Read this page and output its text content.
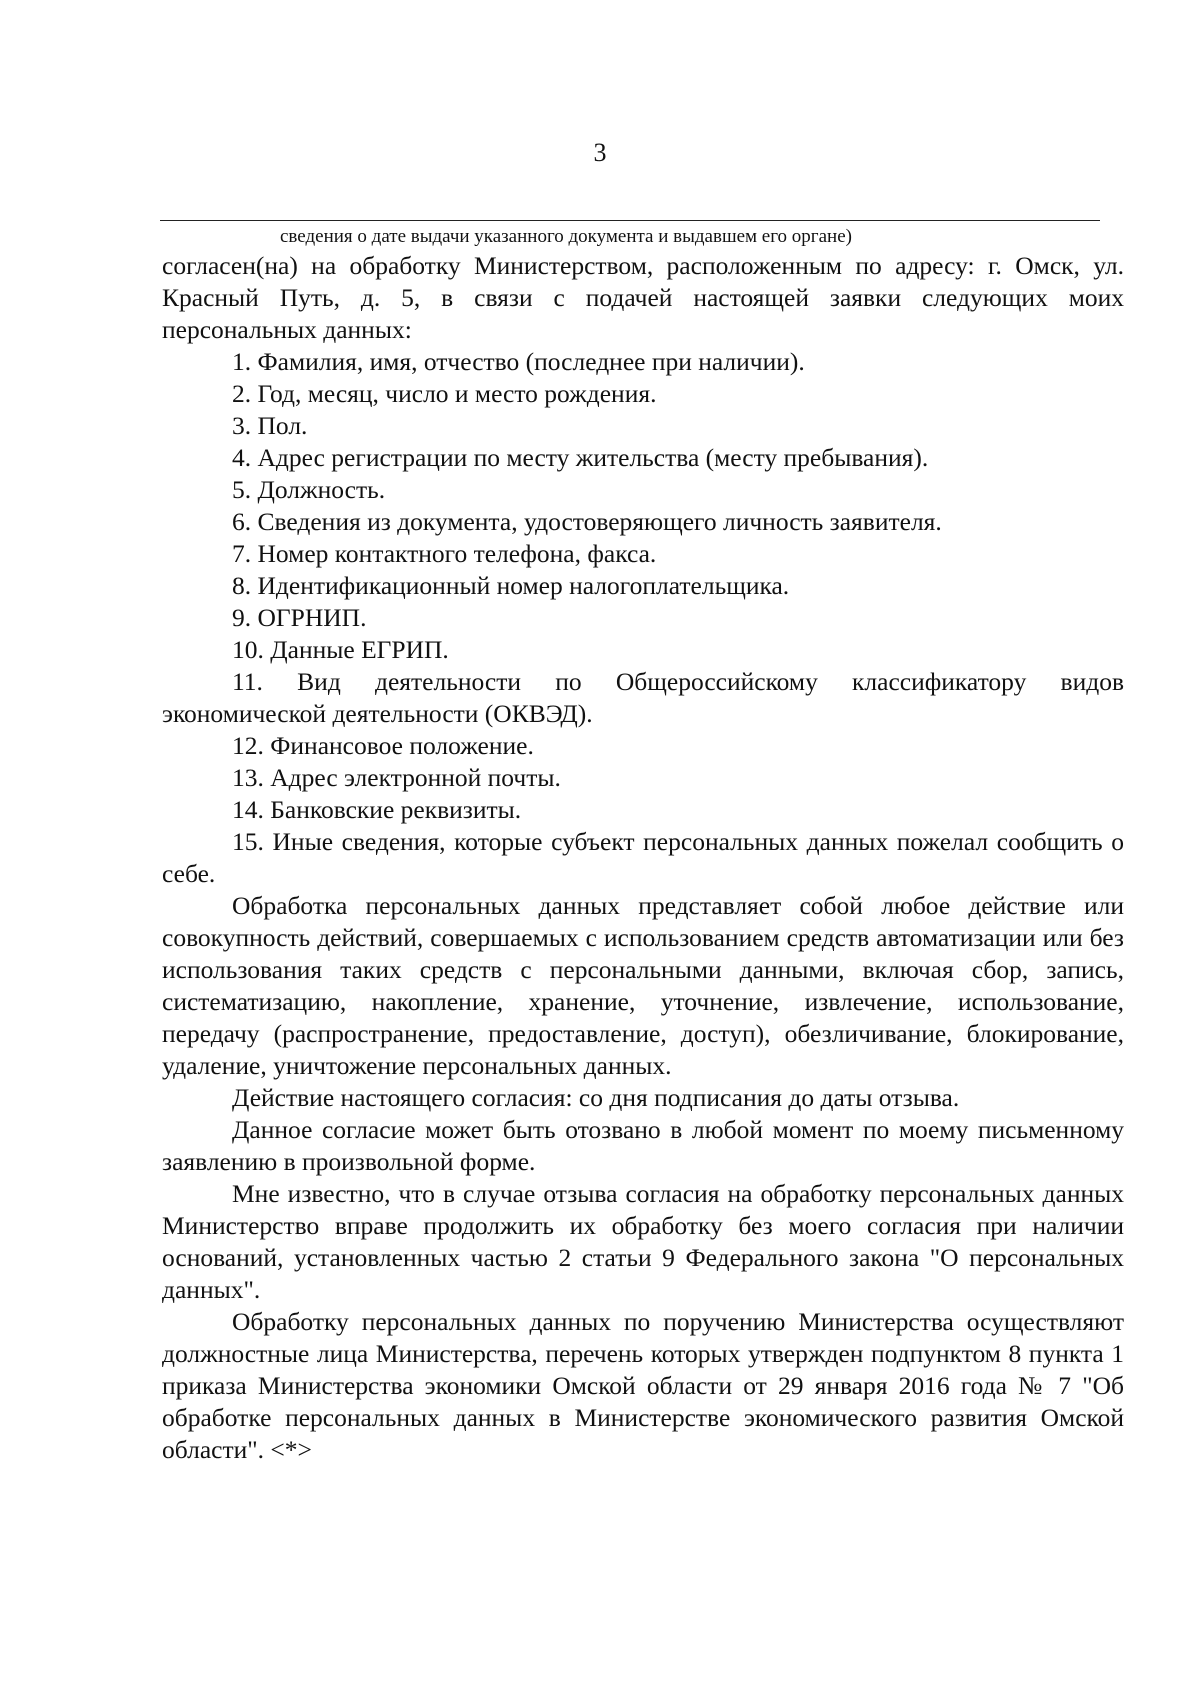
3
сведения о дате выдачи указанного документа и выдавшем его органе)

согласен(на) на обработку Министерством, расположенным по адресу: г. Омск, ул. Красный Путь, д. 5, в связи с подачей настоящей заявки следующих моих персональных данных:

1. Фамилия, имя, отчество (последнее при наличии).

2. Год, месяц, число и место рождения.

3. Пол.

4. Адрес регистрации по месту жительства (месту пребывания).

5. Должность.

6. Сведения из документа, удостоверяющего личность заявителя.

7. Номер контактного телефона, факса.

8. Идентификационный номер налогоплательщика.

9. ОГРНИП.

10. Данные ЕГРИП.

11. Вид деятельности по Общероссийскому классификатору видов экономической деятельности (ОКВЭД).

12. Финансовое положение.

13. Адрес электронной почты.

14. Банковские реквизиты.

15. Иные сведения, которые субъект персональных данных пожелал сообщить о себе.

Обработка персональных данных представляет собой любое действие или совокупность действий, совершаемых с использованием средств автоматизации или без использования таких средств с персональными данными, включая сбор, запись, систематизацию, накопление, хранение, уточнение, извлечение, использование, передачу (распространение, предоставление, доступ), обезличивание, блокирование, удаление, уничтожение персональных данных.

Действие настоящего согласия: со дня подписания до даты отзыва.

Данное согласие может быть отозвано в любой момент по моему письменному заявлению в произвольной форме.

Мне известно, что в случае отзыва согласия на обработку персональных данных Министерство вправе продолжить их обработку без моего согласия при наличии оснований, установленных частью 2 статьи 9 Федерального закона "О персональных данных".

Обработку персональных данных по поручению Министерства осуществляют должностные лица Министерства, перечень которых утвержден подпунктом 8 пункта 1 приказа Министерства экономики Омской области от 29 января 2016 года № 7 "Об обработке персональных данных в Министерстве экономического развития Омской области". <*>
